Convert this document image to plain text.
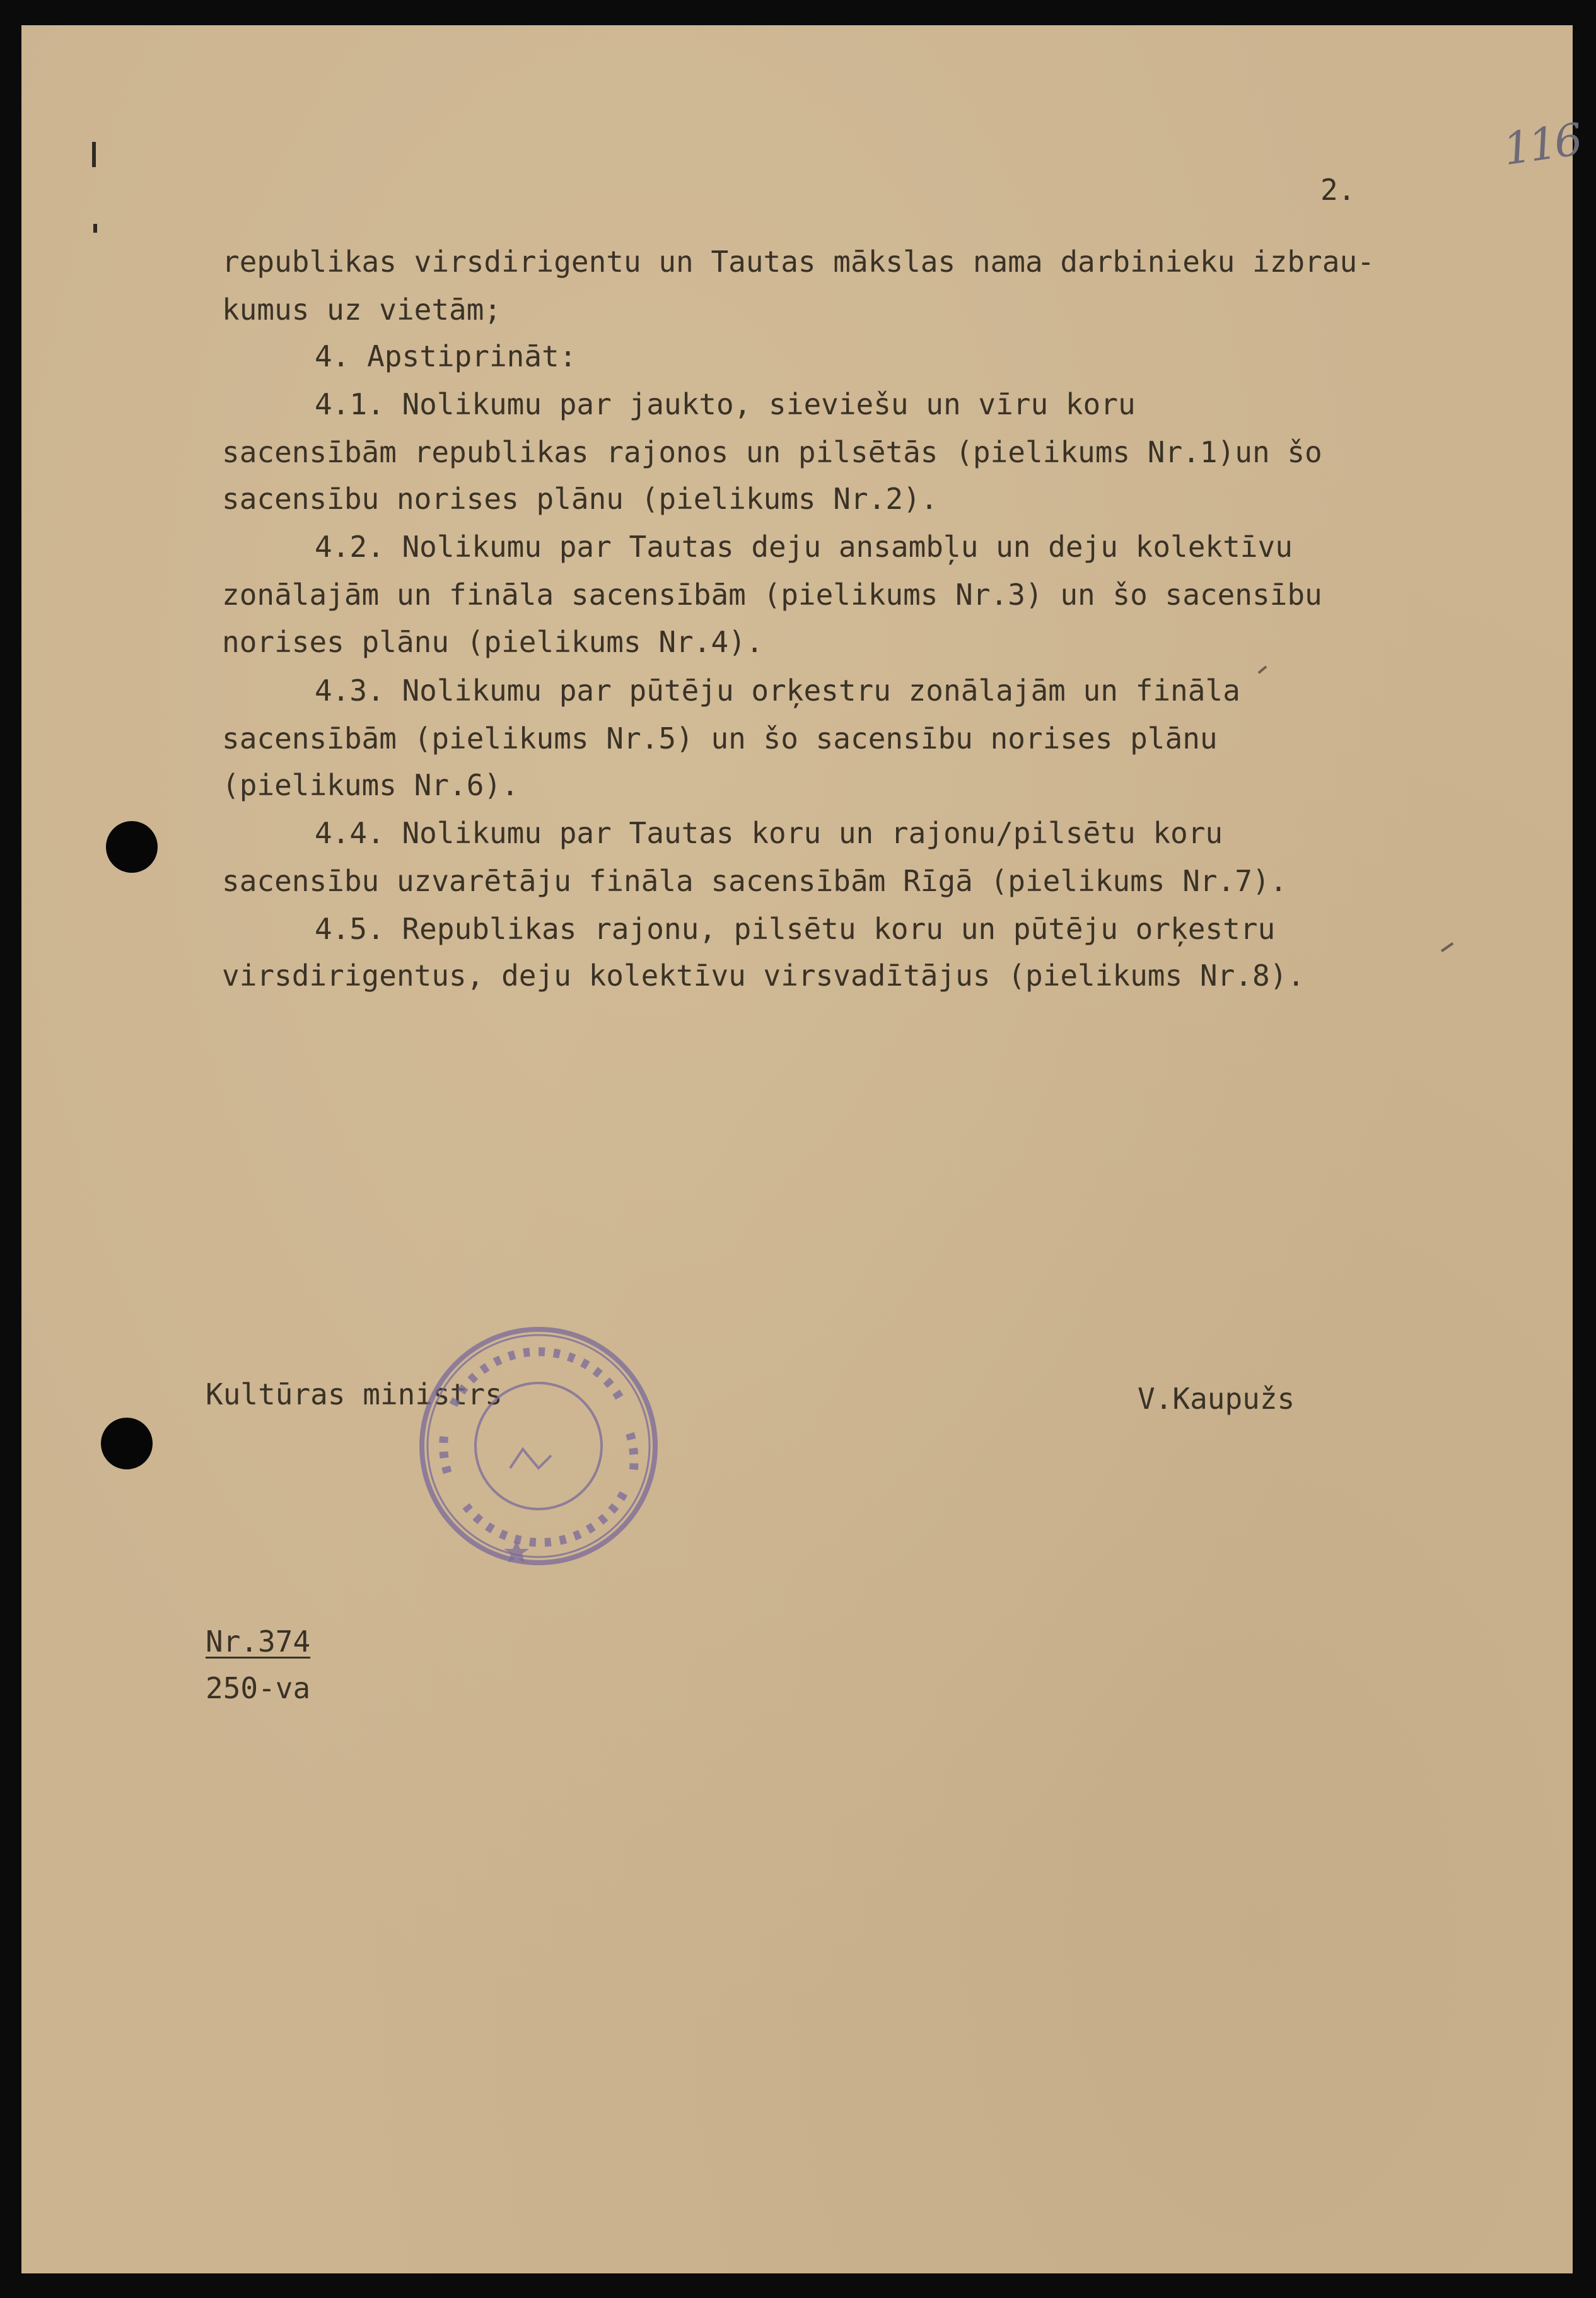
116
2.
republikas virsdirigentu un Tautas mākslas nama darbinieku izbrau-
kumus uz vietām;
4. Apstiprināt:
4.1. Nolikumu par jaukto, sieviešu un vīru koru
sacensībām republikas rajonos un pilsētās (pielikums Nr.1)un šo
sacensību norises plānu (pielikums Nr.2).
4.2. Nolikumu par Tautas deju ansambļu un deju kolektīvu
zonālajām un fināla sacensībām (pielikums Nr.3) un šo sacensību
norises plānu (pielikums Nr.4).
4.3. Nolikumu par pūtēju orķestru zonālajām un fināla
sacensībām (pielikums Nr.5) un šo sacensību norises plānu
(pielikums Nr.6).
4.4. Nolikumu par Tautas koru un rajonu/pilsētu koru
sacensību uzvarētāju fināla sacensībām Rīgā (pielikums Nr.7).
4.5. Republikas rajonu, pilsētu koru un pūtēju orķestru
virsdirigentus, deju kolektīvu virsvadītājus (pielikums Nr.8).
Kultūras ministrs	V.Kaupužs
Nr.374
250-va
